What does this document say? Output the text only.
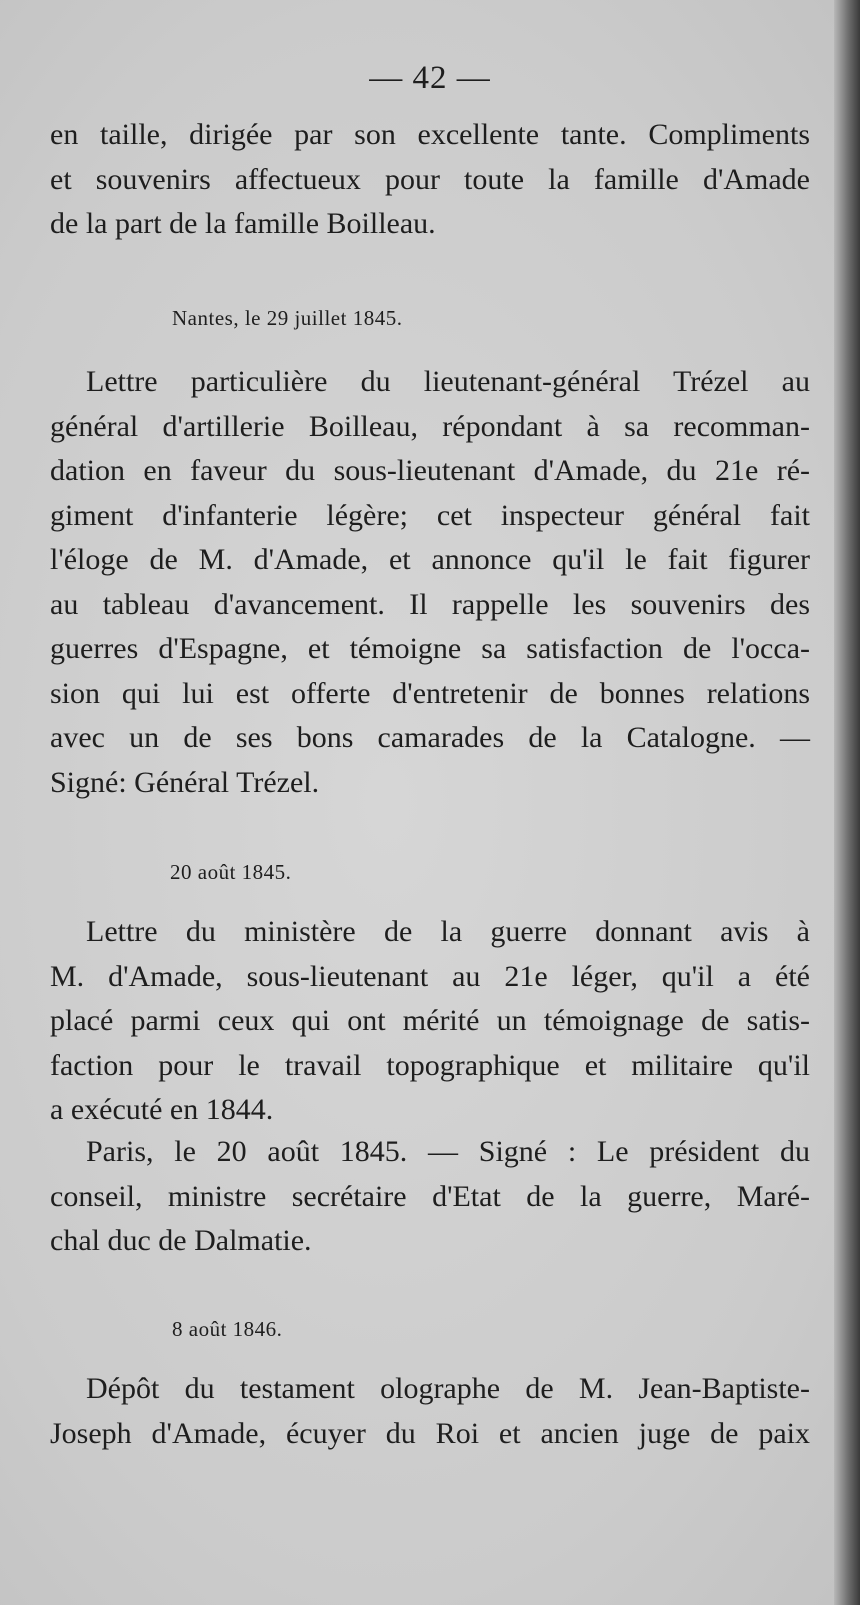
— 42 —

en taille, dirigée par son excellente tante. Compliments
et souvenirs affectueux pour toute la famille d'Amade
de la part de la famille Boilleau.

Nantes, le 29 juillet 1845.

Lettre particulière du lieutenant-général Trézel au
général d'artillerie Boilleau, répondant à sa recomman-
dation en faveur du sous-lieutenant d'Amade, du 21e ré-
giment d'infanterie légère; cet inspecteur général fait
l'éloge de M. d'Amade, et annonce qu'il le fait figurer
au tableau d'avancement. Il rappelle les souvenirs des
guerres d'Espagne, et témoigne sa satisfaction de l'occa-
sion qui lui est offerte d'entretenir de bonnes relations
avec un de ses bons camarades de la Catalogne. —
Signé: Général Trézel.

20 août 1845.

Lettre du ministère de la guerre donnant avis à
M. d'Amade, sous-lieutenant au 21e léger, qu'il a été
placé parmi ceux qui ont mérité un témoignage de satis-
faction pour le travail topographique et militaire qu'il
a exécuté en 1844.

Paris, le 20 août 1845. — Signé : Le président du
conseil, ministre secrétaire d'Etat de la guerre, Maré-
chal duc de Dalmatie.

8 août 1846.

Dépôt du testament olographe de M. Jean-Baptiste-
Joseph d'Amade, écuyer du Roi et ancien juge de paix
